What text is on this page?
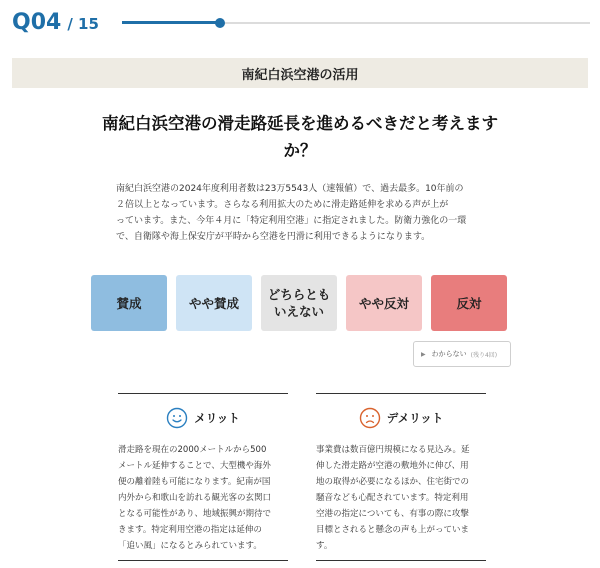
Q04 / 15
南紀白浜空港の活用
南紀白浜空港の滑走路延長を進めるべきだと考えます
か？
南紀白浜空港の2024年度利用者数は23万5543人（速報値）で、過去最多。10年前の
２倍以上となっています。さらなる利用拡大のために滑走路延伸を求める声が上が
っています。また、今年４月に「特定利用空港」に指定されました。防衛力強化の一環
で、自衛隊や海上保安庁が平時から空港を円滑に利用できるようになります。
賛成	やや賛成
どちらとも
いえない
やや反対	反対
▶ わからない (残り4回)
メリット
滑走路を現在の2000メートルから500
メートル延伸することで、大型機や海外
便の離着陸も可能になります。紀南が国
内外から和歌山を訪れる観光客の玄関口
となる可能性があり、地域振興が期待で
きます。特定利用空港の指定は延伸の
「追い風」になるとみられています。
デメリット
事業費は数百億円規模になる見込み。延
伸した滑走路が空港の敷地外に伸び、用
地の取得が必要になるほか、住宅街での
騒音なども心配されています。特定利用
空港の指定についても、有事の際に攻撃
目標とされると懸念の声も上がっていま
す。
